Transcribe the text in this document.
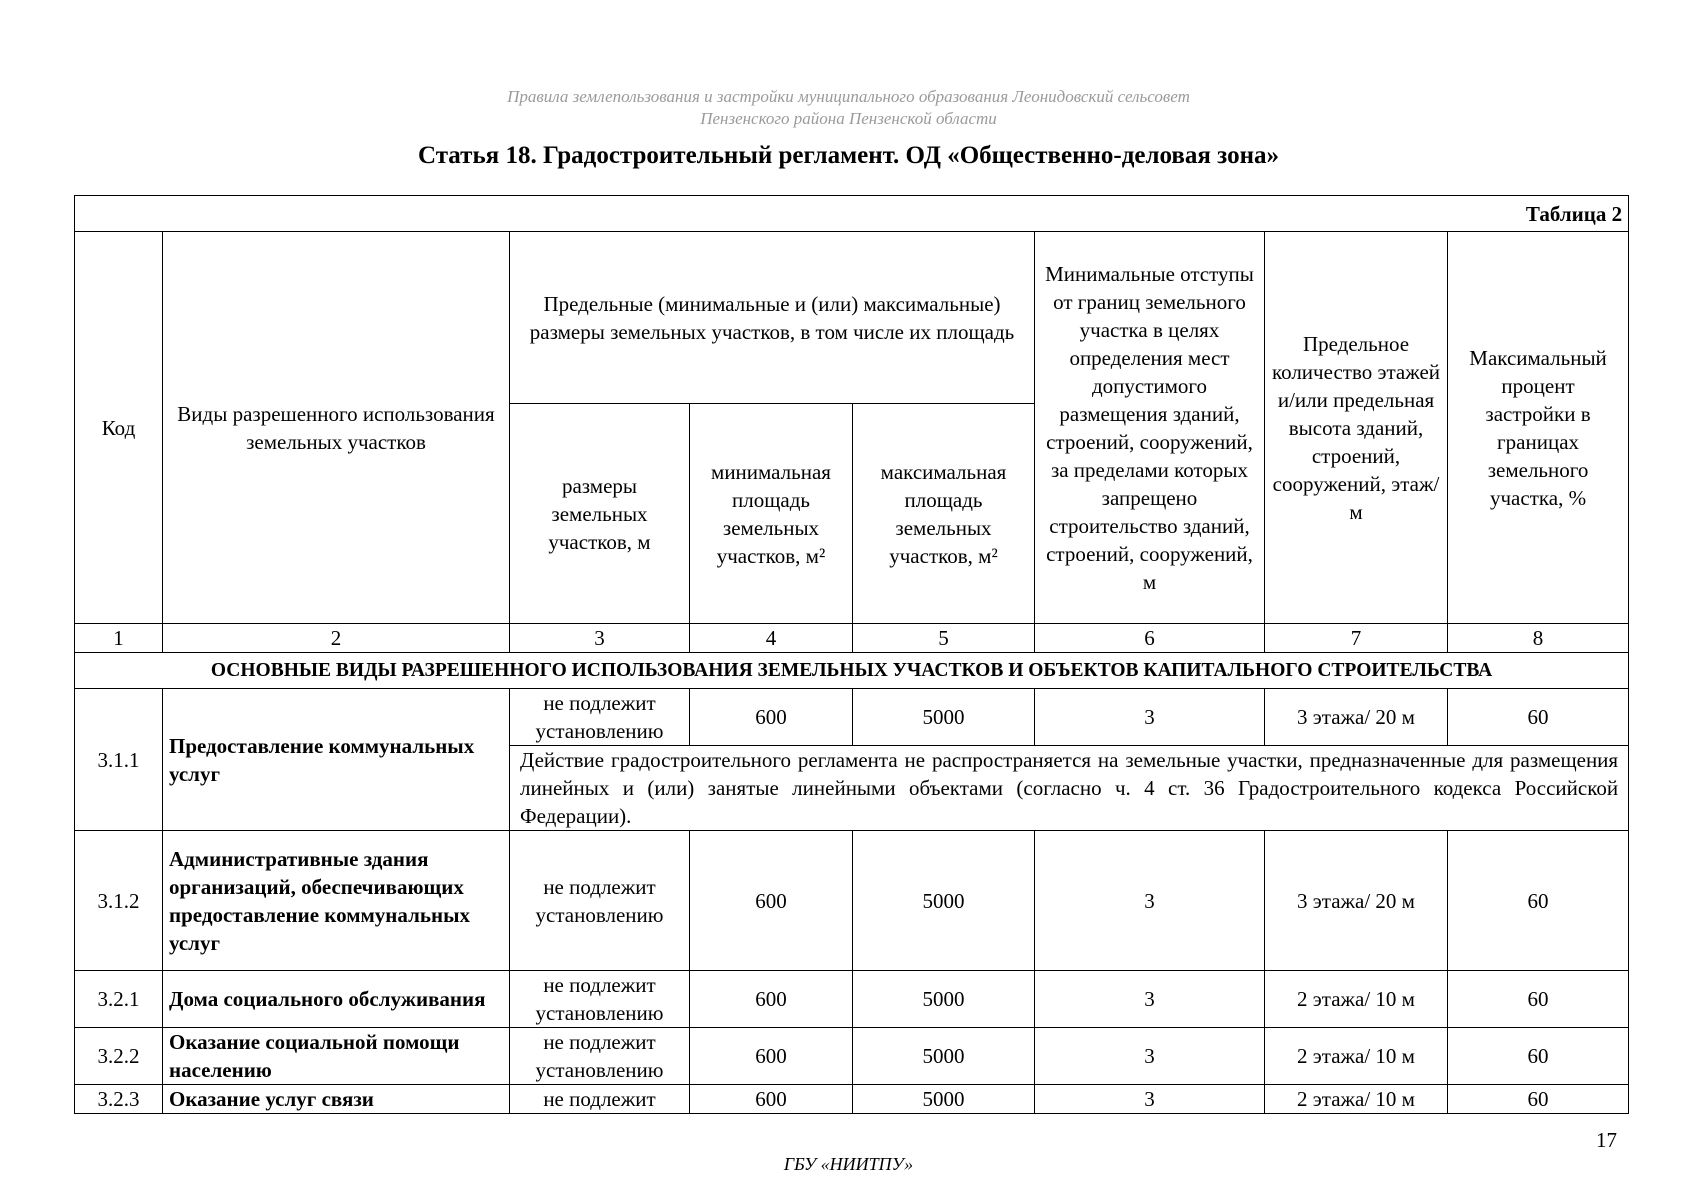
Правила землепользования и застройки муниципального образования Леонидовский сельсовет
Пензенского района Пензенской области
Статья 18. Градостроительный регламент. ОД «Общественно-деловая зона»
Таблица 2							
Код	Виды разрешенного использования земельных участков	Предельные (минимальные и (или) максимальные) размеры земельных участков, в том числе их площадь			Минимальные отступы от границ земельного участка в целях определения мест допустимого размещения зданий, строений, сооружений, за пределами которых запрещено строительство зданий, строений, сооружений, м	Предельное количество этажей и/или предельная высота зданий, строений, сооружений, этаж/м	Максимальный процент застройки в границах земельного участка, %
		размеры земельных участков, м	минимальная площадь земельных участков, м²	максимальная площадь земельных участков, м²			
1	2	3	4	5	6	7	8
ОСНОВНЫЕ ВИДЫ РАЗРЕШЕННОГО ИСПОЛЬЗОВАНИЯ ЗЕМЕЛЬНЫХ УЧАСТКОВ И ОБЪЕКТОВ КАПИТАЛЬНОГО СТРОИТЕЛЬСТВА							
3.1.1	Предоставление коммунальных услуг	не подлежит установлению	600	5000	3	3 этажа/ 20 м	60
		Действие градостроительного регламента не распространяется на земельные участки, предназначенные для размещения линейных и (или) занятые линейными объектами (согласно ч. 4 ст. 36 Градостроительного кодекса Российской Федерации).					
3.1.2	Административные здания организаций, обеспечивающих предоставление коммунальных услуг	не подлежит установлению	600	5000	3	3 этажа/ 20 м	60
3.2.1	Дома социального обслуживания	не подлежит установлению	600	5000	3	2 этажа/ 10 м	60
3.2.2	Оказание социальной помощи населению	не подлежит установлению	600	5000	3	2 этажа/ 10 м	60
3.2.3	Оказание услуг связи	не подлежит	600	5000	3	2 этажа/ 10 м	60
17
ГБУ «НИИТПУ»
